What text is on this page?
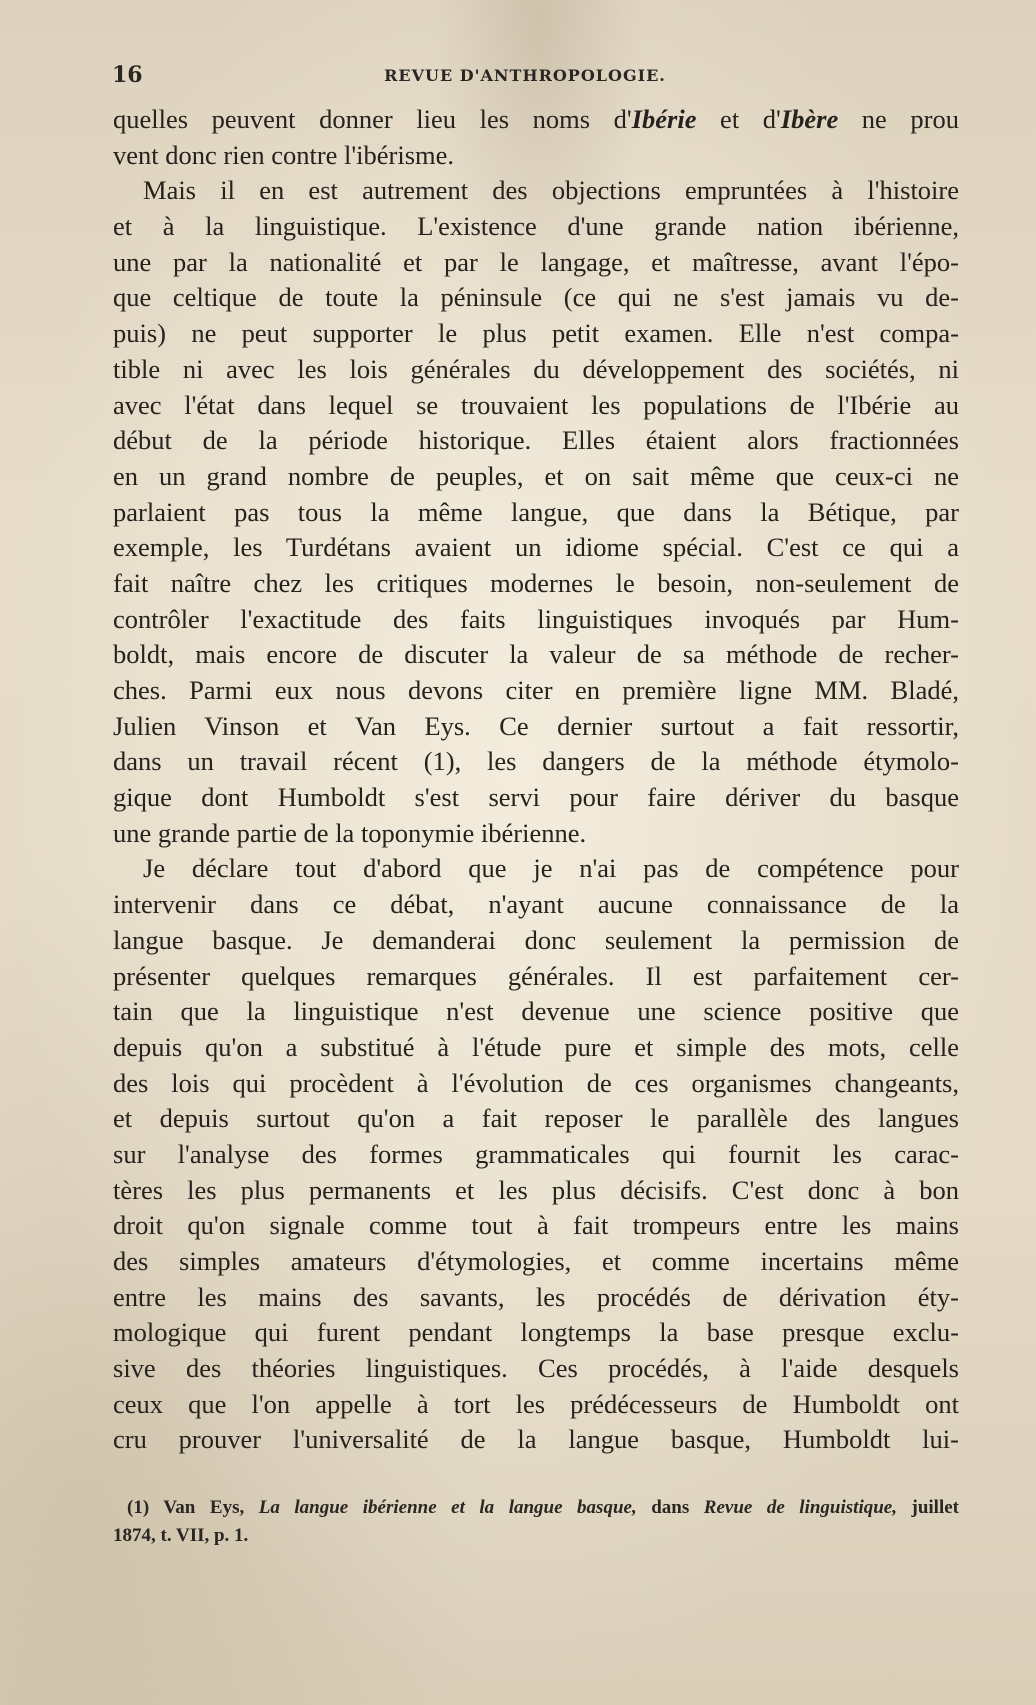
16	REVUE D'ANTHROPOLOGIE.
quelles peuvent donner lieu les noms d'Ibérie et d'Ibère ne prou
vent donc rien contre l'ibérisme.
Mais il en est autrement des objections empruntées à l'histoire
et à la linguistique. L'existence d'une grande nation ibérienne,
une par la nationalité et par le langage, et maîtresse, avant l'épo-
que celtique de toute la péninsule (ce qui ne s'est jamais vu de-
puis) ne peut supporter le plus petit examen. Elle n'est compa-
tible ni avec les lois générales du développement des sociétés, ni
avec l'état dans lequel se trouvaient les populations de l'Ibérie au
début de la période historique. Elles étaient alors fractionnées
en un grand nombre de peuples, et on sait même que ceux-ci ne
parlaient pas tous la même langue, que dans la Bétique, par
exemple, les Turdétans avaient un idiome spécial. C'est ce qui a
fait naître chez les critiques modernes le besoin, non-seulement de
contrôler l'exactitude des faits linguistiques invoqués par Hum-
boldt, mais encore de discuter la valeur de sa méthode de recher-
ches. Parmi eux nous devons citer en première ligne MM. Bladé,
Julien Vinson et Van Eys. Ce dernier surtout a fait ressortir,
dans un travail récent (1), les dangers de la méthode étymolo-
gique dont Humboldt s'est servi pour faire dériver du basque
une grande partie de la toponymie ibérienne.
Je déclare tout d'abord que je n'ai pas de compétence pour
intervenir dans ce débat, n'ayant aucune connaissance de la
langue basque. Je demanderai donc seulement la permission de
présenter quelques remarques générales. Il est parfaitement cer-
tain que la linguistique n'est devenue une science positive que
depuis qu'on a substitué à l'étude pure et simple des mots, celle
des lois qui procèdent à l'évolution de ces organismes changeants,
et depuis surtout qu'on a fait reposer le parallèle des langues
sur l'analyse des formes grammaticales qui fournit les carac-
tères les plus permanents et les plus décisifs. C'est donc à bon
droit qu'on signale comme tout à fait trompeurs entre les mains
des simples amateurs d'étymologies, et comme incertains même
entre les mains des savants, les procédés de dérivation éty-
mologique qui furent pendant longtemps la base presque exclu-
sive des théories linguistiques. Ces procédés, à l'aide desquels
ceux que l'on appelle à tort les prédécesseurs de Humboldt ont
cru prouver l'universalité de la langue basque, Humboldt lui-
(1) Van Eys, La langue ibérienne et la langue basque, dans Revue de linguistique, juillet
1874, t. VII, p. 1.
